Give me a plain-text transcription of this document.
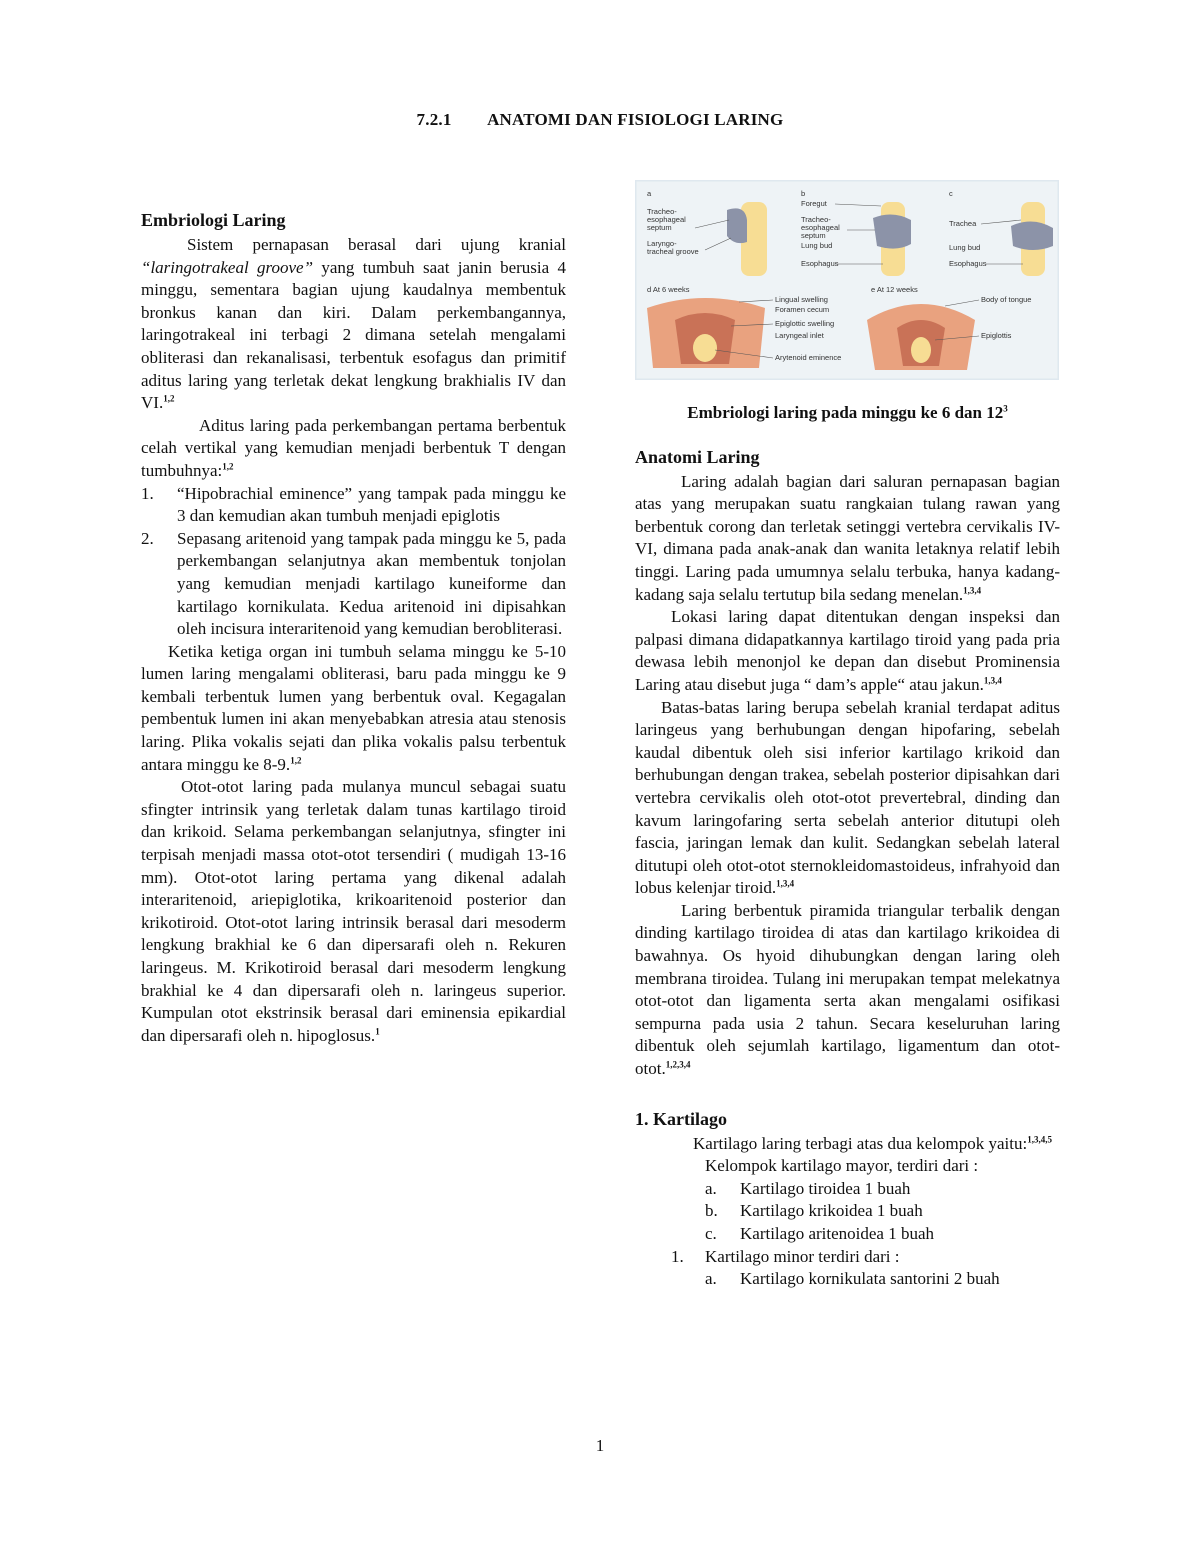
7.2.1 ANATOMI DAN FISIOLOGI LARING
Embriologi Laring

Sistem pernapasan berasal dari ujung kranial “laringotrakeal groove” yang tumbuh saat janin berusia 4 minggu, sementara bagian ujung kaudalnya membentuk bronkus kanan dan kiri. Dalam perkembangannya, laringotrakeal ini terbagi 2 dimana setelah mengalami obliterasi dan rekanalisasi, terbentuk esofagus dan primitif aditus laring yang terletak dekat lengkung brakhialis IV dan VI.$^{1,2}$

Aditus laring pada perkembangan pertama berbentuk celah vertikal yang kemudian menjadi berbentuk T dengan tumbuhnya:$^{1,2}$

1. “Hipobrachial eminence” yang tampak pada minggu ke 3 dan kemudian akan tumbuh menjadi epiglotis
2. Sepasang aritenoid yang tampak pada minggu ke 5, pada perkembangan selanjutnya akan membentuk tonjolan yang kemudian menjadi kartilago kuneiforme dan kartilago kornikulata. Kedua aritenoid ini dipisahkan oleh incisura interaritenoid yang kemudian berobliterasi.

Ketika ketiga organ ini tumbuh selama minggu ke 5-10 lumen laring mengalami obliterasi, baru pada minggu ke 9 kembali terbentuk lumen yang berbentuk oval. Kegagalan pembentuk lumen ini akan menyebabkan atresia atau stenosis laring. Plika vokalis sejati dan plika vokalis palsu terbentuk antara minggu ke 8-9.$^{1,2}$

Otot-otot laring pada mulanya muncul sebagai suatu sfingter intrinsik yang terletak dalam tunas kartilago tiroid dan krikoid. Selama perkembangan selanjutnya, sfingter ini terpisah menjadi massa otot-otot tersendiri ( mudigah 13-16 mm). Otot-otot laring pertama yang dikenal adalah interaritenoid, ariepiglotika, krikoaritenoid posterior dan krikotiroid. Otot-otot laring intrinsik berasal dari mesoderm lengkung brakhial ke 6 dan dipersarafi oleh n. Rekuren laringeus. M. Krikotiroid berasal dari mesoderm lengkung brakhial ke 4 dan dipersarafi oleh n. laringeus superior. Kumpulan otot ekstrinsik berasal dari eminensia epikardial dan dipersarafi oleh n. hipoglosus.$^1$

a
Tracheo-
esophageal
septum
Laryngo-
tracheal groove
b
Foregut
Tracheo-
esophageal
septum
Lung bud
Esophagus
c
Trachea
Lung bud
Esophagus
d At 6 weeks
Lingual swelling
Foramen cecum
Epiglottic swelling
Laryngeal inlet
Arytenoid eminence
e At 12 weeks
Body of tongue
Epiglottis
Embriologi laring pada minggu ke 6 dan $12^3$
Anatomi Laring

Laring adalah bagian dari saluran pernapasan bagian atas yang merupakan suatu rangkaian tulang rawan yang berbentuk corong dan terletak setinggi vertebra cervikalis IV-VI, dimana pada anak-anak dan wanita letaknya relatif lebih tinggi. Laring pada umumnya selalu terbuka, hanya kadang-kadang saja selalu tertutup bila sedang menelan.$^{1,3,4}$

Lokasi laring dapat ditentukan dengan inspeksi dan palpasi dimana didapatkannya kartilago tiroid yang pada pria dewasa lebih menonjol ke depan dan disebut Prominensia Laring atau disebut juga “ dam’s apple“ atau jakun.$^{1,3,4}$

Batas-batas laring berupa sebelah kranial terdapat aditus laringeus yang berhubungan dengan hipofaring, sebelah kaudal dibentuk oleh sisi inferior kartilago krikoid dan berhubungan dengan trakea, sebelah posterior dipisahkan dari vertebra cervikalis oleh otot-otot prevertebral, dinding dan kavum laringofaring serta sebelah anterior ditutupi oleh fascia, jaringan lemak dan kulit. Sedangkan sebelah lateral ditutupi oleh otot-otot sternokleidomastoideus, infrahyoid dan lobus kelenjar tiroid.$^{1,3,4}$

Laring berbentuk piramida triangular terbalik dengan dinding kartilago tiroidea di atas dan kartilago krikoidea di bawahnya. Os hyoid dihubungkan dengan laring oleh membrana tiroidea. Tulang ini merupakan tempat melekatnya otot-otot dan ligamenta serta akan mengalami osifikasi sempurna pada usia 2 tahun. Secara keseluruhan laring dibentuk oleh sejumlah kartilago, ligamentum dan otot-otot.$^{1,2,3,4}$

1. Kartilago

Kartilago laring terbagi atas dua kelompok yaitu:$^{1,3,4,5}$

Kelompok kartilago mayor, terdiri dari :
a. Kartilago tiroidea 1 buah
b. Kartilago krikoidea 1 buah
c. Kartilago aritenoidea 1 buah
1. Kartilago minor terdiri dari :
a. Kartilago kornikulata santorini 2 buah
1
